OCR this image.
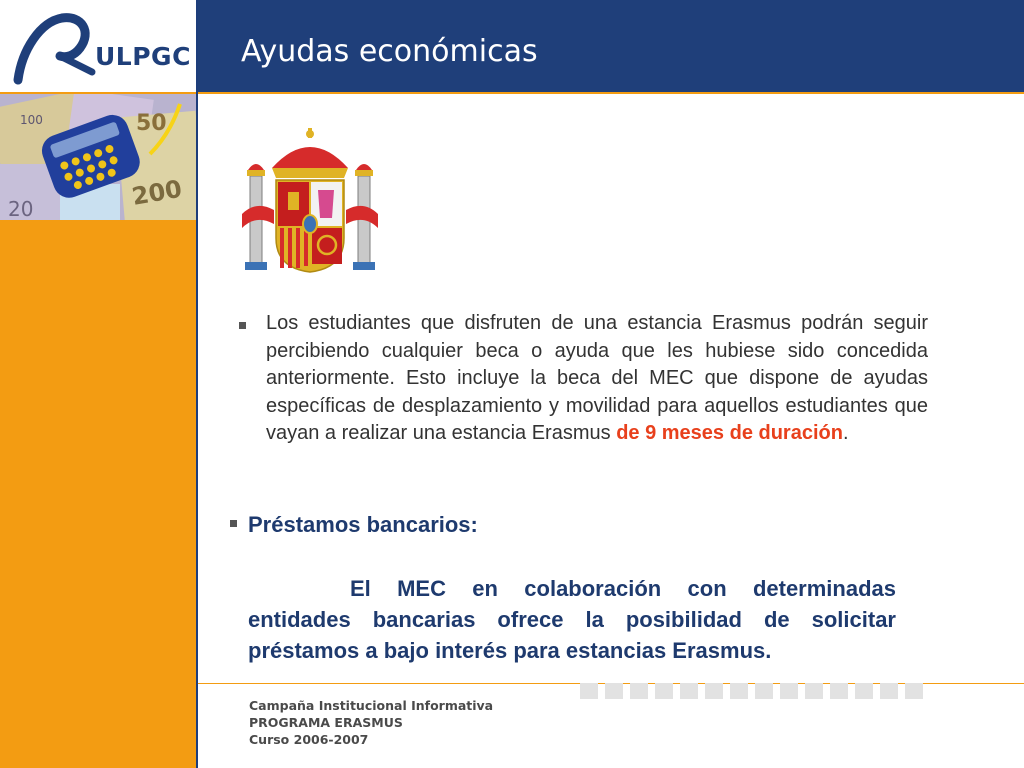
ULPGC
50
200
100
20
Ayudas económicas

Los estudiantes que disfruten de una estancia Erasmus podrán seguir percibiendo cualquier beca o ayuda que les hubiese sido concedida anteriormente. Esto incluye la beca del MEC que dispone de ayudas específicas de desplazamiento y movilidad para aquellos estudiantes que vayan a realizar una estancia Erasmus de 9 meses de duración.

Préstamos bancarios:

El MEC en colaboración con determinadas entidades bancarias ofrece la posibilidad de solicitar préstamos a bajo interés para estancias Erasmus.

Campaña Institucional Informativa
PROGRAMA ERASMUS
Curso 2006-2007
